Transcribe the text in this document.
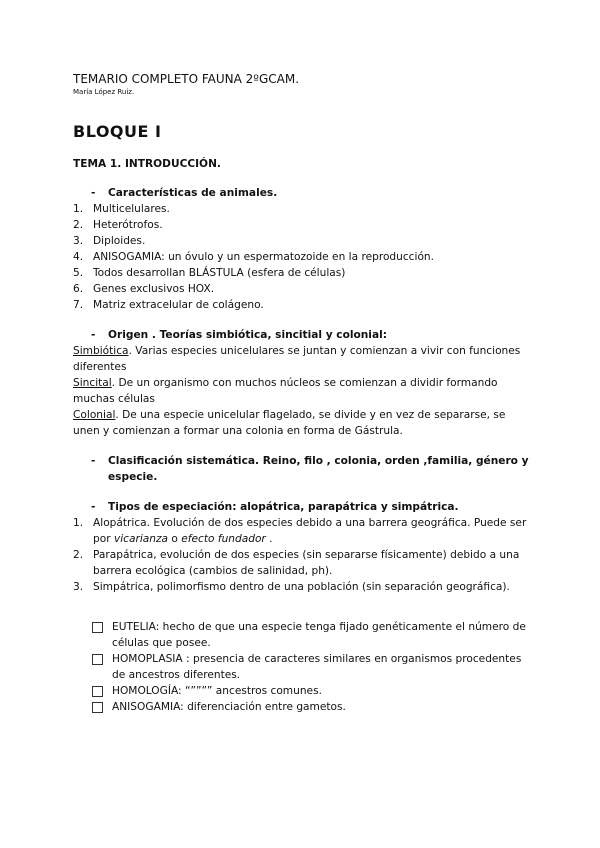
TEMARIO COMPLETO FAUNA 2ºGCAM.

María López Ruiz.

BLOQUE I

TEMA 1. INTRODUCCIÓN.

-	Características de animales.
1. Multicelulares.
2. Heterótrofos.
3. Diploides.
4. ANISOGAMIA: un óvulo y un espermatozoide en la reproducción.
5. Todos desarrollan BLÁSTULA (esfera de células)
6. Genes exclusivos HOX.
7. Matriz extracelular de colágeno.
-	Origen . Teorías simbiótica, sincitial y colonial:

Simbiótica. Varias especies unicelulares se juntan y comienzan a vivir con funciones diferentes

Sincital. De un organismo con muchos núcleos se comienzan a dividir formando muchas células

Colonial. De una especie unicelular flagelado, se divide y en vez de separarse, se unen y comienzan a formar una colonia en forma de Gástrula.

-	Clasificación sistemática. Reino, filo , colonia, orden ,familia, género y especie.
-	Tipos de especiación: alopátrica, parapátrica y simpátrica.
1. Alopátrica. Evolución de dos especies debido a una barrera geográfica. Puede ser por vicarianza o efecto fundador .
2. Parapátrica, evolución de dos especies (sin separarse físicamente) debido a una barrera ecológica (cambios de salinidad, ph).
3. Simpátrica, polimorfismo dentro de una población (sin separación geográfica).
EUTELIA: hecho de que una especie tenga fijado genéticamente el número de células que posee.
HOMOPLASIA : presencia de caracteres similares en organismos procedentes de ancestros diferentes.
HOMOLOGÍA: “”””” ancestros comunes.
ANISOGAMIA: diferenciación entre gametos.
